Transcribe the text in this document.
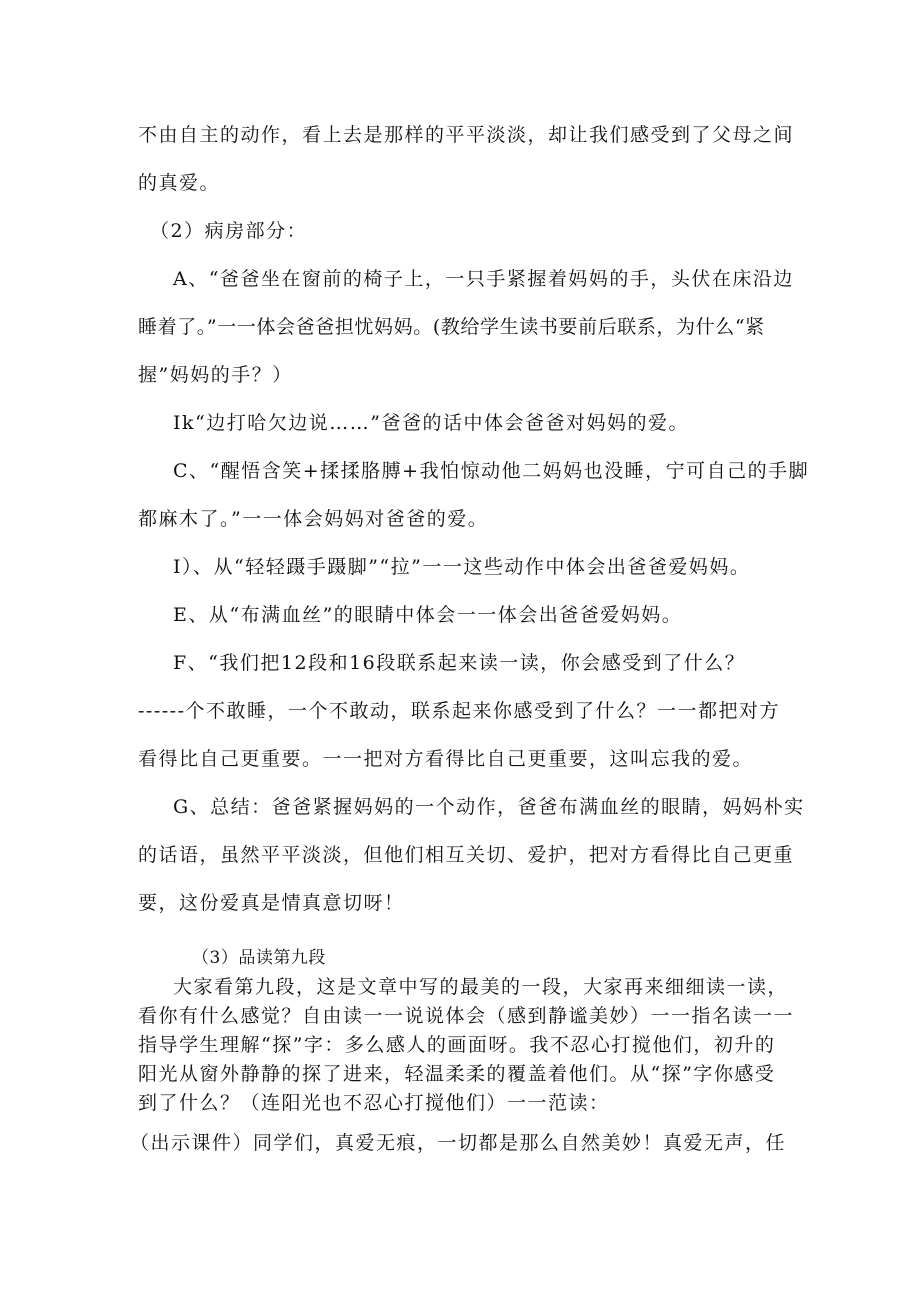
不由自主的动作，看上去是那样的平平淡淡，却让我们感受到了父母之间
的真爱。
（2）病房部分：
A、“爸爸坐在窗前的椅子上，一只手紧握着妈妈的手，头伏在床沿边
睡着了。”一一体会爸爸担忧妈妈。(教给学生读书要前后联系，为什么“紧
握”妈妈的手？）
Ik“边打哈欠边说……”爸爸的话中体会爸爸对妈妈的爱。
C、“醒悟含笑+揉揉胳膊+我怕惊动他二妈妈也没睡，宁可自己的手脚
都麻木了。”一一体会妈妈对爸爸的爱。
I）、从“轻轻蹑手蹑脚”“拉”一一这些动作中体会出爸爸爱妈妈。
E、从“布满血丝”的眼睛中体会一一体会出爸爸爱妈妈。
F、“我们把12段和16段联系起来读一读，你会感受到了什么？
------个不敢睡，一个不敢动，联系起来你感受到了什么？一一都把对方
看得比自己更重要。一一把对方看得比自己更重要，这叫忘我的爱。
G、总结：爸爸紧握妈妈的一个动作，爸爸布满血丝的眼睛，妈妈朴实
的话语，虽然平平淡淡，但他们相互关切、爱护，把对方看得比自己更重
要，这份爱真是情真意切呀！
（3）品读第九段
大家看第九段，这是文章中写的最美的一段，大家再来细细读一读，
看你有什么感觉？自由读一一说说体会（感到静谧美妙）一一指名读一一
指导学生理解“探”字：多么感人的画面呀。我不忍心打搅他们，初升的
阳光从窗外静静的探了进来，轻温柔柔的覆盖着他们。从“探”字你感受
到了什么？（连阳光也不忍心打搅他们）一一范读：
（出示课件）同学们，真爱无痕，一切都是那么自然美妙！真爱无声，任
